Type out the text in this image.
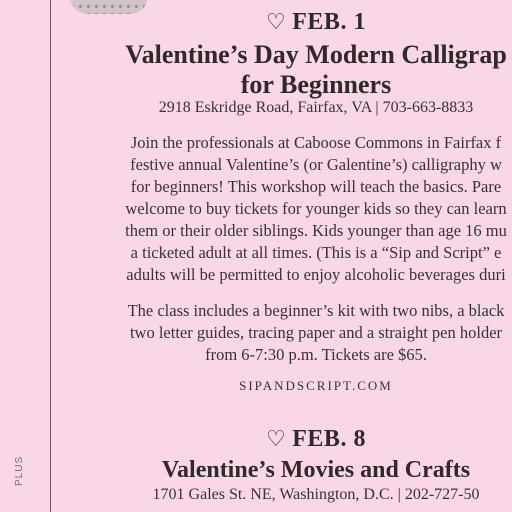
PLUS
♡ FEB. 1
Valentine’s Day Modern Calligrap
for Beginners
2918 Eskridge Road, Fairfax, VA | 703-663-8833
Join the professionals at Caboose Commons in Fairfax f
festive annual Valentine’s (or Galentine’s) calligraphy w
for beginners! This workshop will teach the basics. Pare
welcome to buy tickets for younger kids so they can learn
them or their older siblings. Kids younger than age 16 mu
a ticketed adult at all times. (This is a “Sip and Script” e
adults will be permitted to enjoy alcoholic beverages duri
The class includes a beginner’s kit with two nibs, a black
two letter guides, tracing paper and a straight pen holder
from 6-7:30 p.m. Tickets are $65.
SIPANDSCRIPT.COM
♡ FEB. 8
Valentine’s Movies and Crafts
1701 Gales St. NE, Washington, D.C. | 202-727-50
